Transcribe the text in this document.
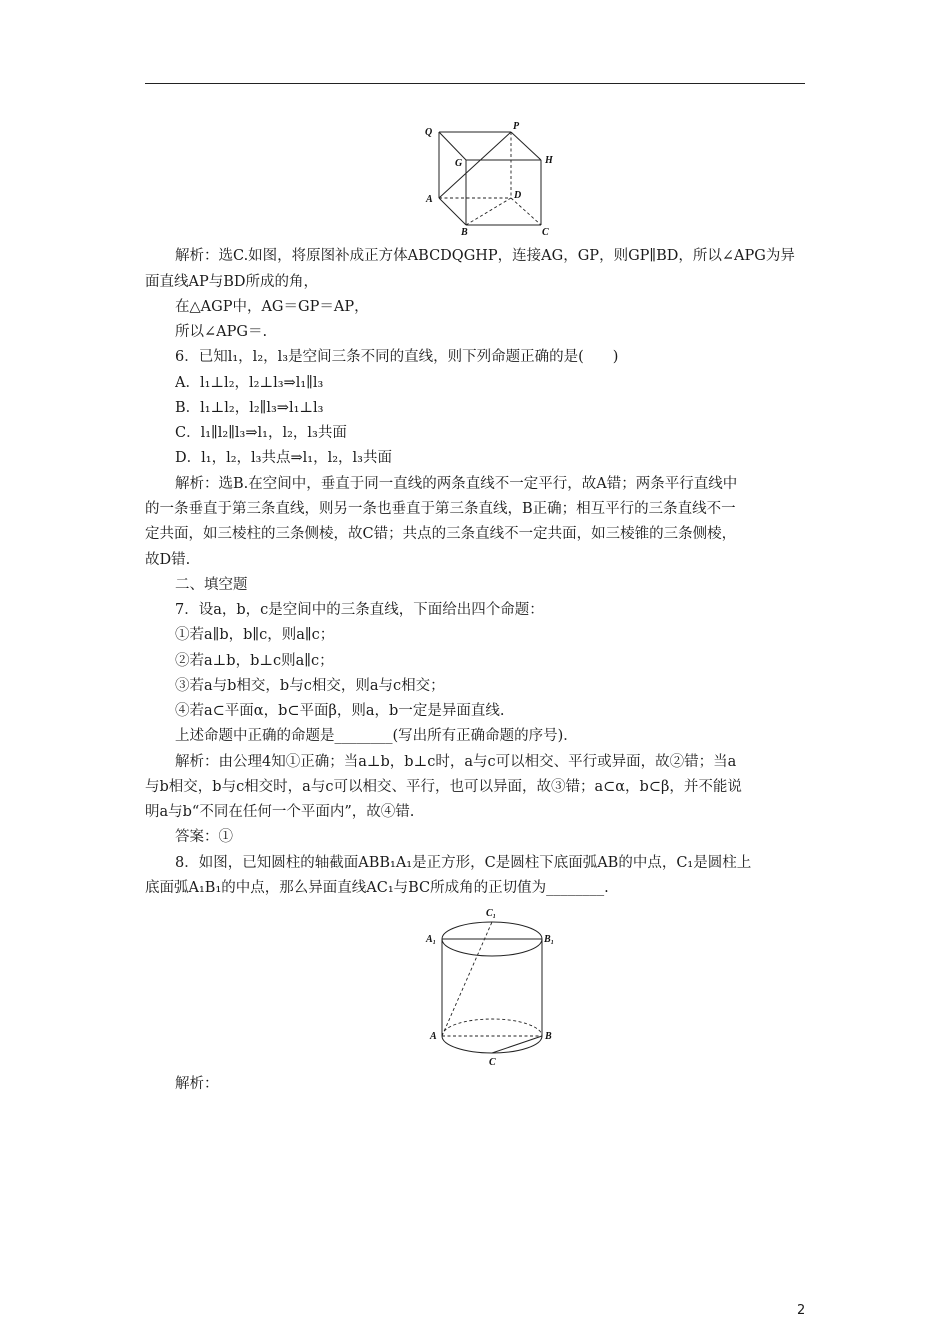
Q
P
G	H
A	D
B	C
解析：选C.如图，将原图补成正方体ABCDQGHP，连接AG，GP，则GP∥BD，所以∠APG为异
面直线AP与BD所成的角，
在△AGP中，AG＝GP＝AP，
所以∠APG＝.
6．已知l₁，l₂，l₃是空间三条不同的直线，则下列命题正确的是(　　)
A．l₁⊥l₂，l₂⊥l₃⇒l₁∥l₃
B．l₁⊥l₂，l₂∥l₃⇒l₁⊥l₃
C．l₁∥l₂∥l₃⇒l₁，l₂，l₃共面
D．l₁，l₂，l₃共点⇒l₁，l₂，l₃共面
解析：选B.在空间中，垂直于同一直线的两条直线不一定平行，故A错；两条平行直线中
的一条垂直于第三条直线，则另一条也垂直于第三条直线，B正确；相互平行的三条直线不一
定共面，如三棱柱的三条侧棱，故C错；共点的三条直线不一定共面，如三棱锥的三条侧棱，
故D错.
二、填空题
7．设a，b，c是空间中的三条直线，下面给出四个命题：
①若a∥b，b∥c，则a∥c；
②若a⊥b，b⊥c则a∥c；
③若a与b相交，b与c相交，则a与c相交；
④若a⊂平面α，b⊂平面β，则a，b一定是异面直线.
上述命题中正确的命题是________(写出所有正确命题的序号)．
解析：由公理4知①正确；当a⊥b，b⊥c时，a与c可以相交、平行或异面，故②错；当a
与b相交，b与c相交时，a与c可以相交、平行，也可以异面，故③错；a⊂α，b⊂β，并不能说
明a与b“不同在任何一个平面内”，故④错.
答案：①
8．如图，已知圆柱的轴截面ABB₁A₁是正方形，C是圆柱下底面弧AB的中点，C₁是圆柱上
底面弧A₁B₁的中点，那么异面直线AC₁与BC所成角的正切值为________.
C₁
A₁	B₁
A	B
C
解析：
2
